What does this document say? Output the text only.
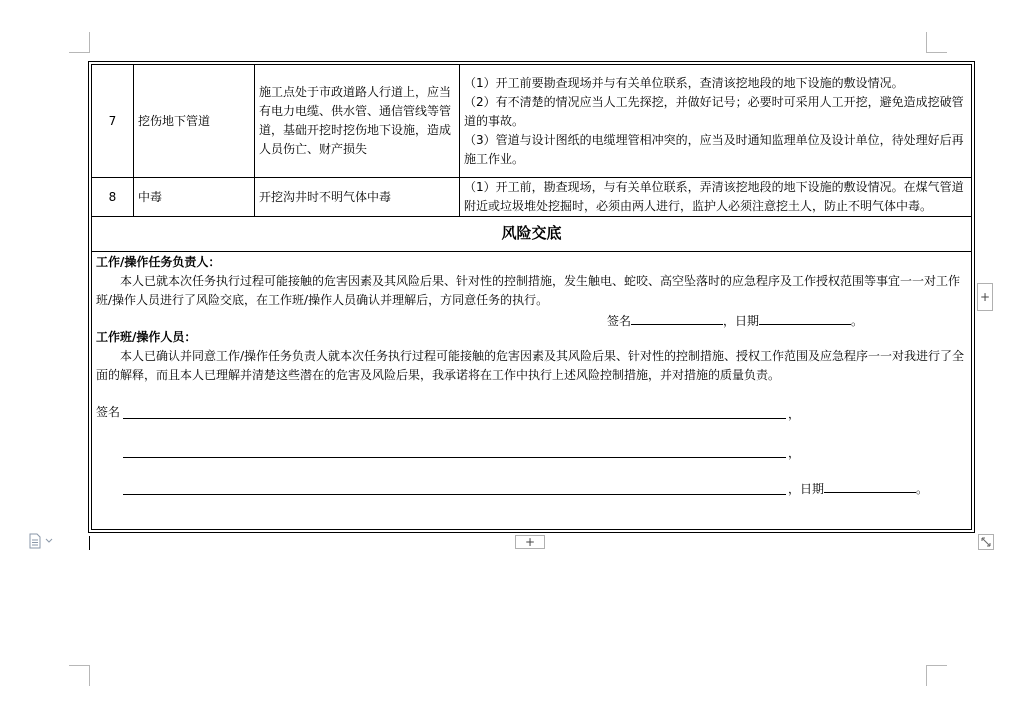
7	挖伤地下管道	施工点处于市政道路人行道上，应当有电力电缆、供水管、通信管线等管道，基础开挖时挖伤地下设施，造成人员伤亡、财产损失	（1）开工前要勘查现场并与有关单位联系，查清该挖地段的地下设施的敷设情况。

（2）有不清楚的情况应当人工先探挖，并做好记号；必要时可采用人工开挖，避免造成挖破管道的事故。

（3）管道与设计图纸的电缆埋管相冲突的，应当及时通知监理单位及设计单位，待处理好后再施工作业。

8	中毒	开挖沟井时不明气体中毒	（1）开工前，勘查现场，与有关单位联系，弄清该挖地段的地下设施的敷设情况。在煤气管道附近或垃圾堆处挖掘时，必须由两人进行，监护人必须注意挖土人，防止不明气体中毒。

风险交底
工作/操作任务负责人：

本人已就本次任务执行过程可能接触的危害因素及其风险后果、针对性的控制措施，发生触电、蛇咬、高空坠落时的应急程序及工作授权范围等事宜一一对工作班/操作人员进行了风险交底，在工作班/操作人员确认并理解后，方同意任务的执行。

签名	，日期	。
工作班/操作人员：

本人已确认并同意工作/操作任务负责人就本次任务执行过程可能接触的危害因素及其风险后果、针对性的控制措施、授权工作范围及应急程序一一对我进行了全面的解释，而且本人已理解并清楚这些潜在的危害及风险后果，我承诺将在工作中执行上述风险控制措施，并对措施的质量负责。

签名	，
，
，日期	。
+
+
